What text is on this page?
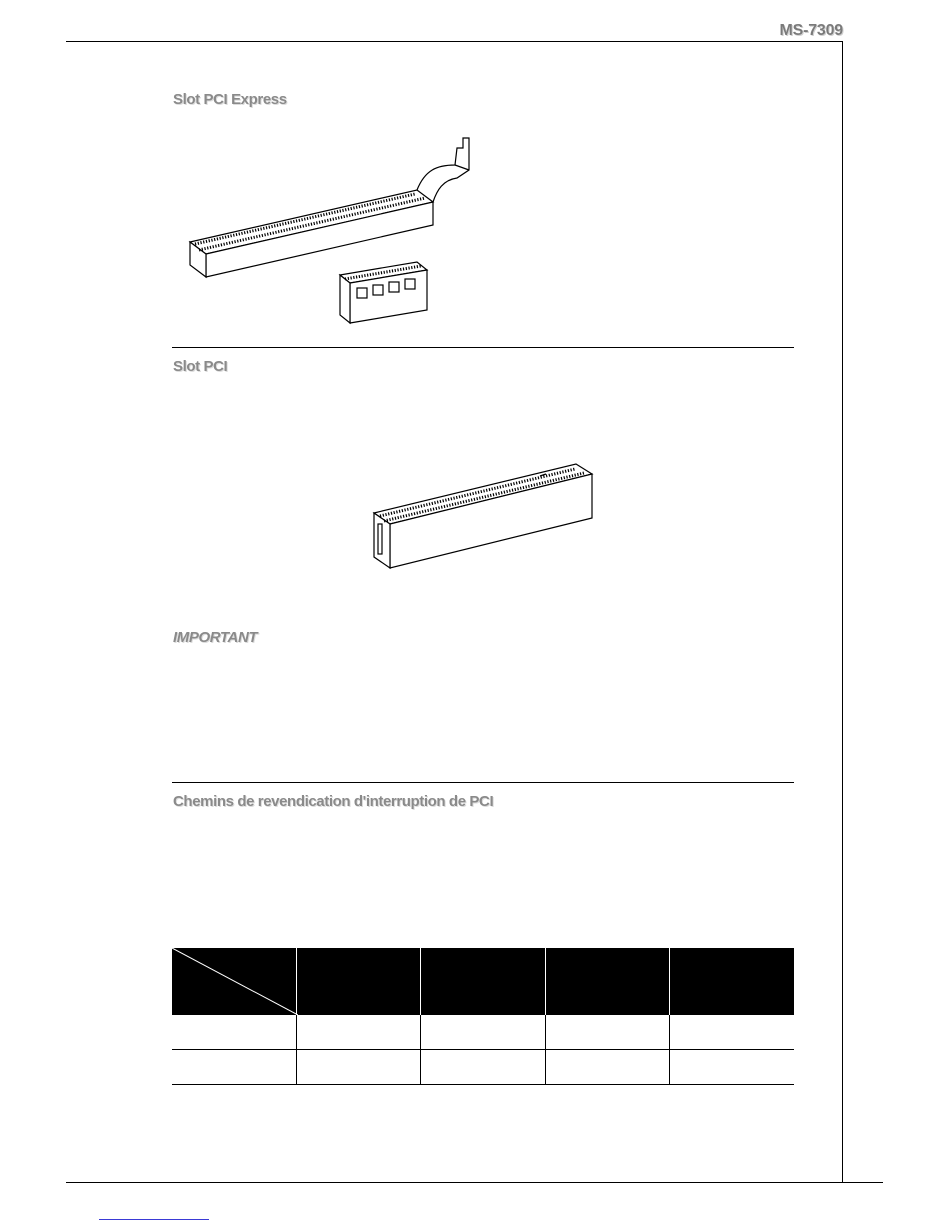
MS-7309
Slot PCI Express
Slot PCI
IMPORTANT
Chemins de revendication d'interruption de PCI
